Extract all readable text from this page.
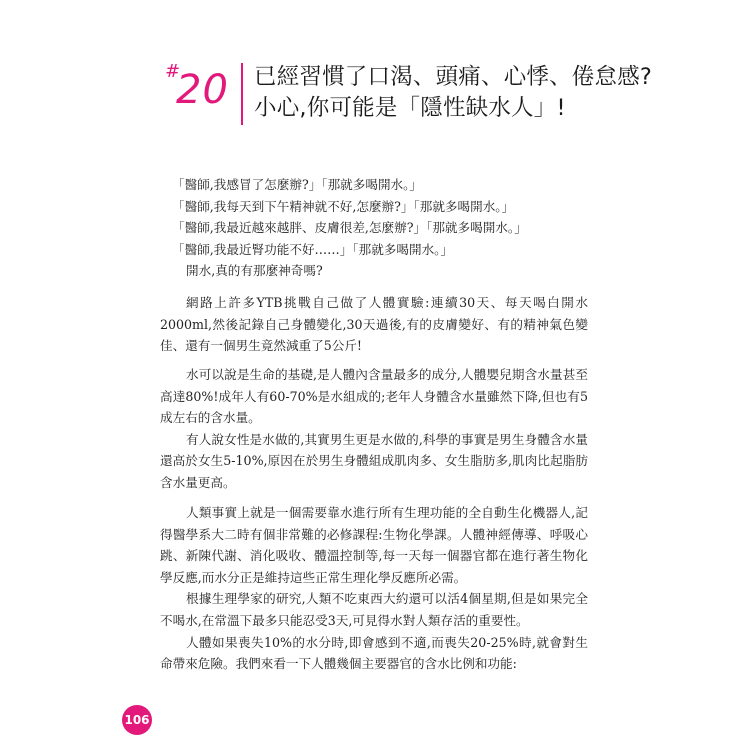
#
20 已經習慣了口渴、頭痛、心悸、倦怠感?
小心,你可能是「隱性缺水人」!

「醫師,我感冒了怎麼辦?」「那就多喝開水。」

「醫師,我每天到下午精神就不好,怎麼辦?」「那就多喝開水。」

「醫師,我最近越來越胖、皮膚很差,怎麼辦?」「那就多喝開水。」

「醫師,我最近腎功能不好……」「那就多喝開水。」

開水,真的有那麼神奇嗎?

網路上許多YTB挑戰自己做了人體實驗:連續30天、每天喝白開水2000ml,然後記錄自己身體變化,30天過後,有的皮膚變好、有的精神氣色變佳、還有一個男生竟然減重了5公斤!

水可以說是生命的基礎,是人體內含量最多的成分,人體嬰兒期含水量甚至高達80%!成年人有60-70%是水組成的;老年人身體含水量雖然下降,但也有5成左右的含水量。

有人說女性是水做的,其實男生更是水做的,科學的事實是男生身體含水量還高於女生5-10%,原因在於男生身體組成肌肉多、女生脂肪多,肌肉比起脂肪含水量更高。

人類事實上就是一個需要靠水進行所有生理功能的全自動生化機器人,記得醫學系大二時有個非常難的必修課程:生物化學課。人體神經傳導、呼吸心跳、新陳代謝、消化吸收、體溫控制等,每一天每一個器官都在進行著生物化學反應,而水分正是維持這些正常生理化學反應所必需。

根據生理學家的研究,人類不吃東西大約還可以活4個星期,但是如果完全不喝水,在常溫下最多只能忍受3天,可見得水對人類存活的重要性。

人體如果喪失10%的水分時,即會感到不適,而喪失20-25%時,就會對生命帶來危險。我們來看一下人體幾個主要器官的含水比例和功能:

106
